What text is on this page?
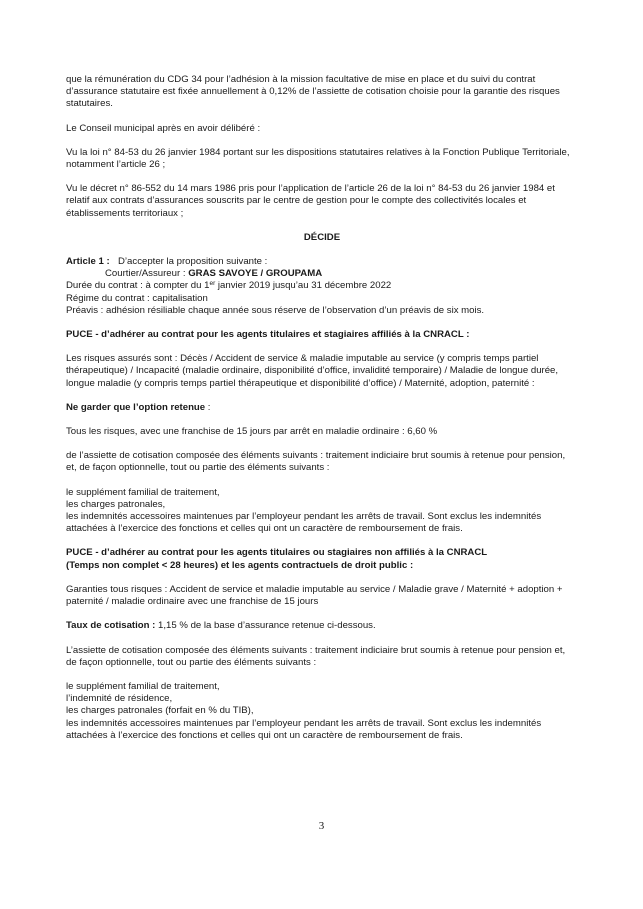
que la rémunération du CDG 34 pour l’adhésion à la mission facultative de mise en place et du suivi du contrat d’assurance statutaire est fixée annuellement à 0,12% de l’assiette de cotisation choisie pour la garantie des risques statutaires.

Le Conseil municipal après en avoir délibéré :

Vu la loi n° 84-53 du 26 janvier 1984 portant sur les dispositions statutaires relatives à la Fonction Publique Territoriale, notamment l’article 26 ;

Vu le décret n° 86-552 du 14 mars 1986 pris pour l’application de l’article 26 de la loi n° 84-53 du 26 janvier 1984 et relatif aux contrats d’assurances souscrits par le centre de gestion pour le compte des collectivités locales et établissements territoriaux ;

DÉCIDE

Article 1 : D’accepter la proposition suivante :

Courtier/Assureur : GRAS SAVOYE / GROUPAMA

Durée du contrat : à compter du 1er janvier 2019 jusqu’au 31 décembre 2022

Régime du contrat : capitalisation

Préavis : adhésion résiliable chaque année sous réserve de l’observation d’un préavis de six mois.

PUCE - d’adhérer au contrat pour les agents titulaires et stagiaires affiliés à la CNRACL :

Les risques assurés sont : Décès / Accident de service & maladie imputable au service (y compris temps partiel thérapeutique) / Incapacité (maladie ordinaire, disponibilité d’office, invalidité temporaire) / Maladie de longue durée, longue maladie (y compris temps partiel thérapeutique et disponibilité d’office) / Maternité, adoption, paternité :

Ne garder que l’option retenue :

Tous les risques, avec une franchise de 15 jours par arrêt en maladie ordinaire : 6,60 %

de l’assiette de cotisation composée des éléments suivants : traitement indiciaire brut soumis à retenue pour pension,

et, de façon optionnelle, tout ou partie des éléments suivants :

le supplément familial de traitement,

les charges patronales,

les indemnités accessoires maintenues par l’employeur pendant les arrêts de travail. Sont exclus les indemnités attachées à l’exercice des fonctions et celles qui ont un caractère de remboursement de frais.

PUCE - d’adhérer au contrat pour les agents titulaires ou stagiaires non affiliés à la CNRACL

(Temps non complet < 28 heures) et les agents contractuels de droit public :

Garanties tous risques : Accident de service et maladie imputable au service / Maladie grave / Maternité + adoption + paternité / maladie ordinaire avec une franchise de 15 jours

Taux de cotisation : 1,15 % de la base d’assurance retenue ci-dessous.

L’assiette de cotisation composée des éléments suivants : traitement indiciaire brut soumis à retenue pour pension et, de façon optionnelle, tout ou partie des éléments suivants :

le supplément familial de traitement,

l’indemnité de résidence,

les charges patronales (forfait en % du TIB),

les indemnités accessoires maintenues par l’employeur pendant les arrêts de travail. Sont exclus les indemnités attachées à l’exercice des fonctions et celles qui ont un caractère de remboursement de frais.

3
